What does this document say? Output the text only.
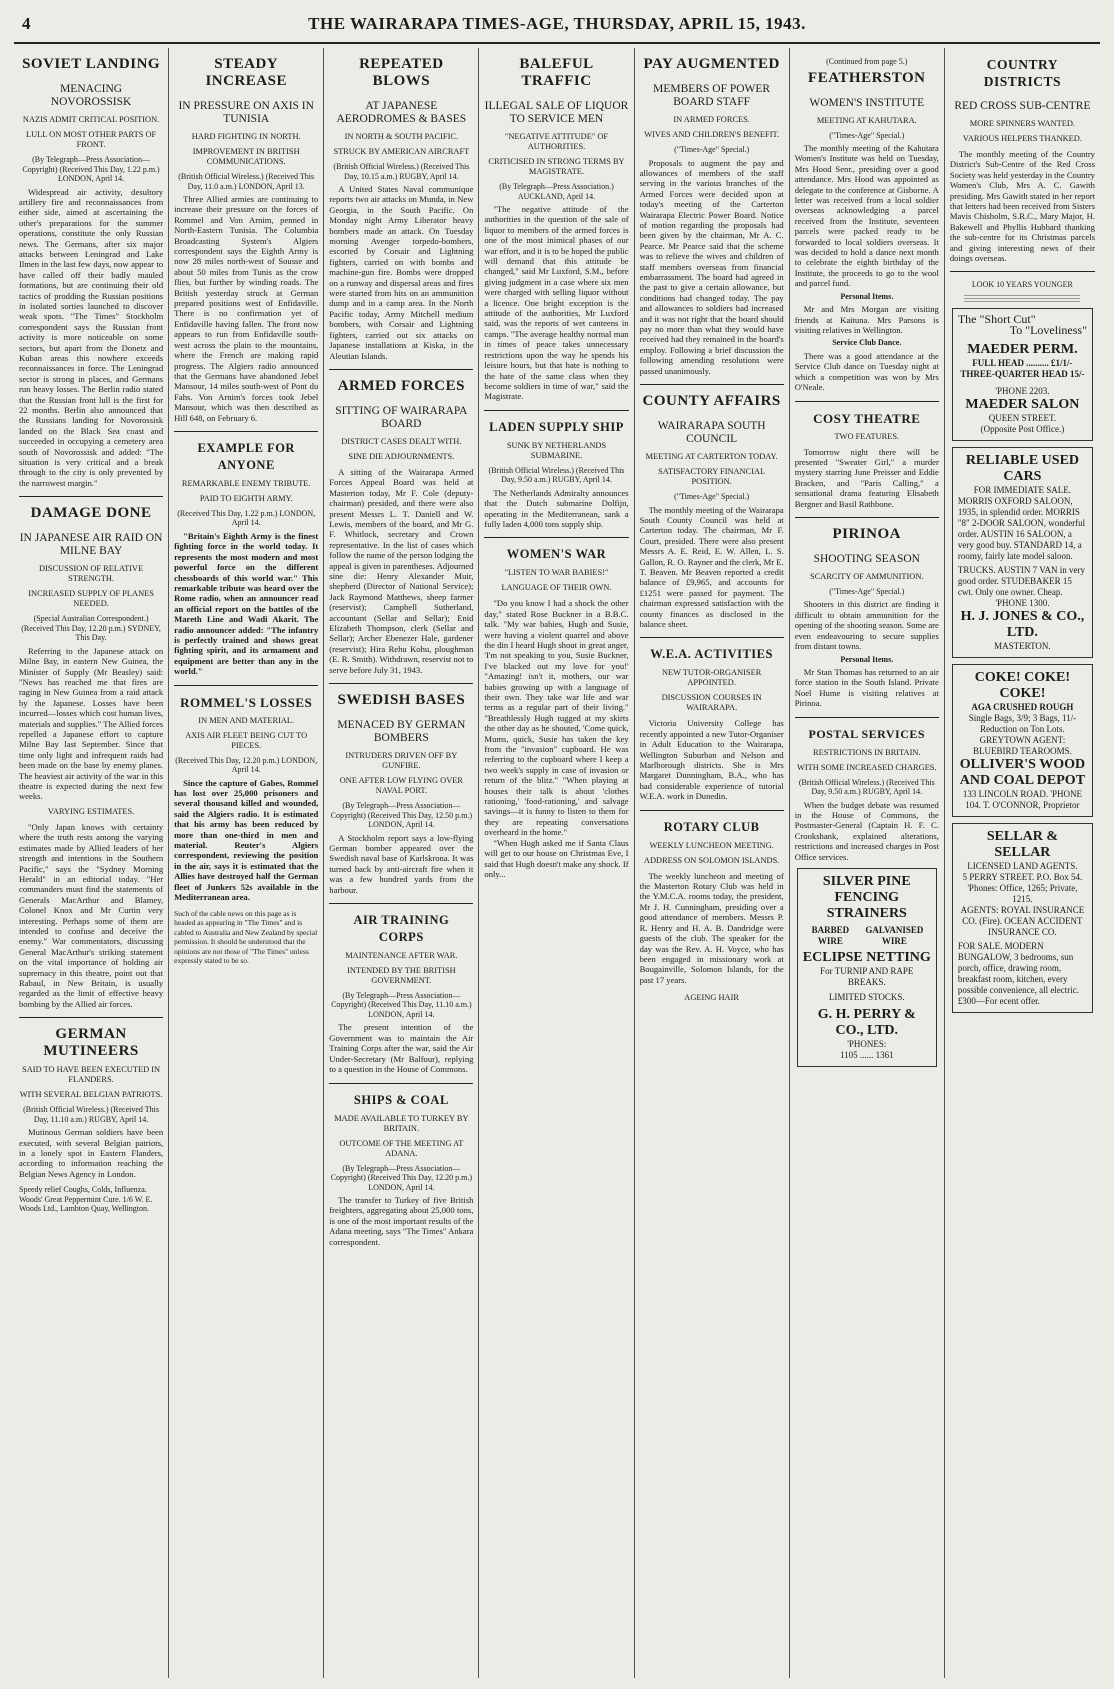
4	THE WAIRARAPA TIMES-AGE, THURSDAY, APRIL 15, 1943.
SOVIET LANDING
MENACING NOVOROSSISK
NAZIS ADMIT CRITICAL POSITION.
LULL ON MOST OTHER PARTS OF FRONT.
(By Telegraph—Press Association—Copyright) (Received This Day, 1.22 p.m.) LONDON, April 14.

Widespread air activity, desultory artillery fire and reconnaissances from either side, aimed at ascertaining the other's preparations for the summer operations, constitute the only Russian news. The Germans, after six major attacks between Leningrad and Lake Ilmen in the last few days, now appear to have called off their badly mauled formations, but are continuing their old tactics of prodding the Russian positions in isolated sorties launched to discover weak spots. "The Times" Stockholm correspondent says the Russian front activity is more noticeable on some sectors, but apart from the Donetz and Kuban areas this nowhere exceeds reconnaissances in force. The Leningrad sector is strong in places, and Germans run heavy losses. The Berlin radio stated that the Russian front lull is the first for 22 months. Berlin also announced that the Russians landing for Novorossisk landed on the Black Sea coast and succeeded in occupying a cemetery area south of Novorossisk and added: "The situation is very critical and a break through to the city is only prevented by the narrowest margin."

DAMAGE DONE
IN JAPANESE AIR RAID ON MILNE BAY
DISCUSSION OF RELATIVE STRENGTH.
INCREASED SUPPLY OF PLANES NEEDED.
(Special Australian Correspondent.) (Received This Day, 12.20 p.m.) SYDNEY, This Day.

Referring to the Japanese attack on Milne Bay, in eastern New Guinea, the Minister of Supply (Mr Beasley) said: "News has reached me that fires are raging in New Guinea from a raid attack by the Japanese. Losses have been incurred—losses which cost human lives, materials and supplies." The Allied forces repelled a Japanese effort to capture Milne Bay last September. Since that time only light and infrequent raids had been made on the base by enemy planes. The heaviest air activity of the war in this theatre is expected during the next few weeks.

VARYING ESTIMATES.

"Only Japan knows with certainty where the truth rests among the varying estimates made by Allied leaders of her strength and intentions in the Southern Pacific," says the "Sydney Morning Herald" in an editorial today. "Her commanders must find the statements of Generals MacArthur and Blamey, Colonel Knox and Mr Curtin very interesting. Perhaps some of them are intended to confuse and deceive the enemy." War commentators, discussing General MacArthur's striking statement on the vital importance of holding air supremacy in this theatre, point out that Rabaul, in New Britain, is usually regarded as the limit of effective heavy bombing by the Allied air forces.

GERMAN MUTINEERS
SAID TO HAVE BEEN EXECUTED IN FLANDERS.
WITH SEVERAL BELGIAN PATRIOTS.
(British Official Wireless.) (Received This Day, 11.10 a.m.) RUGBY, April 14.

Mutinous German soldiers have been executed, with several Belgian patriots, in a lonely spot in Eastern Flanders, according to information reaching the Belgian News Agency in London.

Speedy relief Coughs, Colds, Influenza. Woods' Great Peppermint Cure. 1/6 W. E. Woods Ltd., Lambton Quay, Wellington.
STEADY INCREASE
IN PRESSURE ON AXIS IN TUNISIA
HARD FIGHTING IN NORTH.
IMPROVEMENT IN BRITISH COMMUNICATIONS.
(British Official Wireless.) (Received This Day, 11.0 a.m.) LONDON, April 13.

Three Allied armies are continuing to increase their pressure on the forces of Rommel and Von Arnim, penned in North-Eastern Tunisia. The Columbia Broadcasting System's Algiers correspondent says the Eighth Army is now 28 miles north-west of Sousse and about 50 miles from Tunis as the crow flies, but further by winding roads. The British yesterday struck at German prepared positions west of Enfidaville. There is no confirmation yet of Enfidaville having fallen. The front now appears to run from Enfidaville south-west across the plain to the mountains, where the French are making rapid progress. The Algiers radio announced that the Germans have abandoned Jebel Mansour, 14 miles south-west of Pont du Fahs. Von Arnim's forces took Jebel Mansour, which was then described as Hill 648, on February 6.

EXAMPLE FOR ANYONE
REMARKABLE ENEMY TRIBUTE.
PAID TO EIGHTH ARMY.
(Received This Day, 1.22 p.m.) LONDON, April 14.

"Britain's Eighth Army is the finest fighting force in the world today. It represents the most modern and most powerful force on the different chessboards of this world war." This remarkable tribute was heard over the Rome radio, when an announcer read an official report on the battles of the Mareth Line and Wadi Akarit. The radio announcer added: "The infantry is perfectly trained and shows great fighting spirit, and its armament and equipment are better than any in the world."

ROMMEL'S LOSSES
IN MEN AND MATERIAL.
AXIS AIR FLEET BEING CUT TO PIECES.
(Received This Day, 12.20 p.m.) LONDON, April 14.

Since the capture of Gabes, Rommel has lost over 25,000 prisoners and several thousand killed and wounded, said the Algiers radio. It is estimated that his army has been reduced by more than one-third in men and material. Reuter's Algiers correspondent, reviewing the position in the air, says it is estimated that the Allies have destroyed half the German fleet of Junkers 52s available in the Mediterranean area.

Such of the cable news on this page as is headed as appearing in "The Times" and is cabled to Australia and New Zealand by special permission. It should be understood that the opinions are not those of "The Times" unless expressly stated to be so.
REPEATED BLOWS
AT JAPANESE AERODROMES & BASES
IN NORTH & SOUTH PACIFIC.
STRUCK BY AMERICAN AIRCRAFT
(British Official Wireless.) (Received This Day, 10.15 a.m.) RUGBY, April 14.

A United States Naval communique reports two air attacks on Munda, in New Georgia, in the South Pacific. On Monday night Army Liberator heavy bombers made an attack. On Tuesday morning Avenger torpedo-bombers, escorted by Corsair and Lightning fighters, carried on with bombs and machine-gun fire. Bombs were dropped on a runway and dispersal areas and fires were started from hits on an ammunition dump and in a camp area. In the North Pacific today, Army Mitchell medium bombers, with Corsair and Lightning fighters, carried out six attacks on Japanese installations at Kiska, in the Aleutian Islands.

ARMED FORCES
SITTING OF WAIRARAPA BOARD
DISTRICT CASES DEALT WITH.
SINE DIE ADJOURNMENTS.

A sitting of the Wairarapa Armed Forces Appeal Board was held at Masterton today, Mr F. Cole (deputy-chairman) presided, and there were also present Messrs L. T. Daniell and W. Lewis, members of the board, and Mr G. F. Whitlock, secretary and Crown representative. In the list of cases which follow the name of the person lodging the appeal is given in parentheses. Adjourned sine die: Henry Alexander Muir, shepherd (Director of National Service); Jack Raymond Matthews, sheep farmer (reservist); Campbell Sutherland, accountant (Sellar and Sellar); Enid Elizabeth Thompson, clerk (Sellar and Sellar); Archer Ebenezer Hale, gardener (reservist); Hira Rehu Kohu, ploughman (E. R. Smith). Withdrawn, reservist not to serve before July 31, 1943.

SWEDISH BASES
MENACED BY GERMAN BOMBERS
INTRUDERS DRIVEN OFF BY GUNFIRE.
ONE AFTER LOW FLYING OVER NAVAL PORT.
(By Telegraph—Press Association—Copyright) (Received This Day, 12.50 p.m.) LONDON, April 14.

A Stockholm report says a low-flying German bomber appeared over the Swedish naval base of Karlskrona. It was turned back by anti-aircraft fire when it was a few hundred yards from the harbour.

AIR TRAINING CORPS
MAINTENANCE AFTER WAR.
INTENDED BY THE BRITISH GOVERNMENT.
(By Telegraph—Press Association—Copyright) (Received This Day, 11.10 a.m.) LONDON, April 14.

The present intention of the Government was to maintain the Air Training Corps after the war, said the Air Under-Secretary (Mr Balfour), replying to a question in the House of Commons.

SHIPS & COAL
MADE AVAILABLE TO TURKEY BY BRITAIN.
OUTCOME OF THE MEETING AT ADANA.
(By Telegraph—Press Association—Copyright) (Received This Day, 12.20 p.m.) LONDON, April 14.

The transfer to Turkey of five British freighters, aggregating about 25,000 tons, is one of the most important results of the Adana meeting, says "The Times" Ankara correspondent.

BALEFUL TRAFFIC
ILLEGAL SALE OF LIQUOR TO SERVICE MEN
"NEGATIVE ATTITUDE" OF AUTHORITIES.
CRITICISED IN STRONG TERMS BY MAGISTRATE.
(By Telegraph—Press Association.) AUCKLAND, April 14.

"The negative attitude of the authorities in the question of the sale of liquor to members of the armed forces is one of the most inimical phases of our war effort, and it is to be hoped the public will demand that this attitude be changed," said Mr Luxford, S.M., before giving judgment in a case where six men were charged with selling liquor without a licence. One bright exception is the attitude of the authorities, Mr Luxford said, was the reports of wet canteens in camps. "The average healthy normal man in times of peace takes unnecessary restrictions upon the way he spends his leisure hours, but that hate is nothing to the hate of the same class when they become soldiers in time of war," said the Magistrate.

LADEN SUPPLY SHIP
SUNK BY NETHERLANDS SUBMARINE.
(British Official Wireless.) (Received This Day, 9.50 a.m.) RUGBY, April 14.

The Netherlands Admiralty announces that the Dutch submarine Dolfijn, operating in the Mediterranean, sank a fully laden 4,000 tons supply ship.

WOMEN'S WAR
"LISTEN TO WAR BABIES!"
LANGUAGE OF THEIR OWN.

"Do you know I had a shock the other day," stated Rose Buckner in a B.B.C. talk. "My war babies, Hugh and Susie, were having a violent quarrel and above the din I heard Hugh shout in great anger, 'I'm not speaking to you, Susie Buckner, I've blacked out my love for you!' "Amazing! isn't it, mothers, our war babies growing up with a language of their own. They take war life and war terms as a regular part of their living." "Breathlessly Hugh tugged at my skirts the other day as he shouted, 'Come quick, Mums, quick, Susie has taken the key from the "invasion" cupboard. He was referring to the cupboard where I keep a two week's supply in case of invasion or return of the blitz." "When playing at houses their talk is about 'clothes rationing,' 'food-rationing,' and salvage savings—it is funny to listen to them for they are repeating conversations overheard in the home."

"When Hugh asked me if Santa Claus will get to our house on Christmas Eve, I said that Hugh doesn't make any shock. If only...

PAY AUGMENTED
MEMBERS OF POWER BOARD STAFF
IN ARMED FORCES.
WIVES AND CHILDREN'S BENEFIT.
("Times-Age" Special.)

Proposals to augment the pay and allowances of members of the staff serving in the various branches of the Armed Forces were decided upon at today's meeting of the Carterton Wairarapa Electric Power Board. Notice of motion regarding the proposals had been given by the chairman, Mr A. C. Pearce. Mr Pearce said that the scheme was to relieve the wives and children of staff members overseas from financial embarrassment. The board had agreed in the past to give a certain allowance, but conditions had changed today. The pay and allowances to soldiers had increased and it was not right that the board should pay no more than what they would have received had they remained in the board's employ. Following a brief discussion the following amending resolutions were passed unanimously.

COUNTY AFFAIRS
WAIRARAPA SOUTH COUNCIL
MEETING AT CARTERTON TODAY.
SATISFACTORY FINANCIAL POSITION.
("Times-Age" Special.)

The monthly meeting of the Wairarapa South County Council was held at Carterton today. The chairman, Mr F. Court, presided. There were also present Messrs A. E. Reid, E. W. Allen, L. S. Gallon, R. O. Rayner and the clerk, Mr E. T. Beaven. Mr Beaven reported a credit balance of £9,965, and accounts for £1251 were passed for payment. The chairman expressed satisfaction with the county finances as disclosed in the balance sheet.

W.E.A. ACTIVITIES
NEW TUTOR-ORGANISER APPOINTED.
DISCUSSION COURSES IN WAIRARAPA.

Victoria University College has recently appointed a new Tutor-Organiser in Adult Education to the Wairarapa, Wellington Suburban and Nelson and Marlborough districts. She is Mrs Margaret Dunningham, B.A., who has had considerable experience of tutorial W.E.A. work in Dunedin.

ROTARY CLUB
WEEKLY LUNCHEON MEETING.
ADDRESS ON SOLOMON ISLANDS.

The weekly luncheon and meeting of the Masterton Rotary Club was held in the Y.M.C.A. rooms today, the president, Mr J. H. Cunningham, presiding over a good attendance of members. Messrs P. R. Henry and H. A. B. Dandridge were guests of the club. The speaker for the day was the Rev. A. H. Voyce, who has been engaged in missionary work at Bougainville, Solomon Islands, for the past 17 years.

AGEING HAIR
(Continued from page 5.)
FEATHERSTON
WOMEN'S INSTITUTE
MEETING AT KAHUTARA.
("Times-Age" Special.)

The monthly meeting of the Kahutara Women's Institute was held on Tuesday, Mrs Hood Senr., presiding over a good attendance. Mrs Hood was appointed as delegate to the conference at Gisborne. A letter was received from a local soldier overseas acknowledging a parcel received from the Institute, seventeen parcels were packed ready to be forwarded to local soldiers overseas. It was decided to hold a dance next month to celebrate the eighth birthday of the Institute, the proceeds to go to the wool and parcel fund.

Personal Items.

Mr and Mrs Morgan are visiting friends at Kaituna. Mrs Parsons is visiting relatives in Wellington.

Service Club Dance.

There was a good attendance at the Service Club dance on Tuesday night at which a competition was won by Mrs O'Neale.

COSY THEATRE
TWO FEATURES.

Tomorrow night there will be presented "Sweater Girl," a murder mystery starring June Preisser and Eddie Bracken, and "Paris Calling," a sensational drama featuring Elisabeth Bergner and Basil Rathbone.

PIRINOA
SHOOTING SEASON
SCARCITY OF AMMUNITION.
("Times-Age" Special.)

Shooters in this district are finding it difficult to obtain ammunition for the opening of the shooting season. Some are even endeavouring to secure supplies from distant towns.

Personal Items.

Mr Stan Thomas has returned to an air force station in the South Island. Private Noel Hume is visiting relatives at Pirinoa.

POSTAL SERVICES
RESTRICTIONS IN BRITAIN.
WITH SOME INCREASED CHARGES.
(British Official Wireless.) (Received This Day, 9.50 a.m.) RUGBY, April 14.

When the budget debate was resumed in the House of Commons, the Postmaster-General (Captain H. F. C. Crookshank, explained alterations, restrictions and increased charges in Post Office services.

SILVER PINE
FENCING STRAINERS
BARBED WIRE
GALVANISED WIRE
ECLIPSE NETTING
For TURNIP AND RAPE BREAKS.
LIMITED STOCKS.
G. H. PERRY & CO., LTD.
'PHONES:
1105 ...... 1361
COUNTRY DISTRICTS
RED CROSS SUB-CENTRE
MORE SPINNERS WANTED.
VARIOUS HELPERS THANKED.

The monthly meeting of the Country District's Sub-Centre of the Red Cross Society was held yesterday in the Country Women's Club, Mrs A. C. Gawith presiding. Mrs Gawith stated in her report that letters had been received from Sisters Mavis Chisholm, S.R.C., Mary Major, H. Bakewell and Phyllis Hubbard thanking the sub-centre for its Christmas parcels and giving interesting news of their doings overseas.

LOOK 10 YEARS YOUNGER
The "Short Cut"
To "Loveliness"
MAEDER PERM.
FULL HEAD .......... £1/1/-
THREE-QUARTER HEAD 15/-
'PHONE 2203.
MAEDER SALON
QUEEN STREET.
(Opposite Post Office.)
RELIABLE USED CARS
FOR IMMEDIATE SALE.
MORRIS OXFORD SALOON, 1935, in splendid order. MORRIS "8" 2-DOOR SALOON, wonderful order. AUSTIN 16 SALOON, a very good buy. STANDARD 14, a roomy, fairly late model saloon.
TRUCKS. AUSTIN 7 VAN in very good order. STUDEBAKER 15 cwt. Only one owner. Cheap.
'PHONE 1300.
H. J. JONES & CO., LTD.
MASTERTON.
COKE! COKE! COKE!
AGA CRUSHED ROUGH
Single Bags, 3/9; 3 Bags, 11/-
Reduction on Ton Lots.
GREYTOWN AGENT: BLUEBIRD TEAROOMS.
OLLIVER'S WOOD AND COAL DEPOT
133 LINCOLN ROAD. 'PHONE 104. T. O'CONNOR, Proprietor
SELLAR & SELLAR
LICENSED LAND AGENTS.
5 PERRY STREET. P.O. Box 54. 'Phones: Office, 1265; Private, 1215.
AGENTS: ROYAL INSURANCE CO. (Fire). OCEAN ACCIDENT INSURANCE CO.
FOR SALE. MODERN BUNGALOW, 3 bedrooms, sun porch, office, drawing room, breakfast room, kitchen, every possible convenience, all electric. £300—For ecent offer.
